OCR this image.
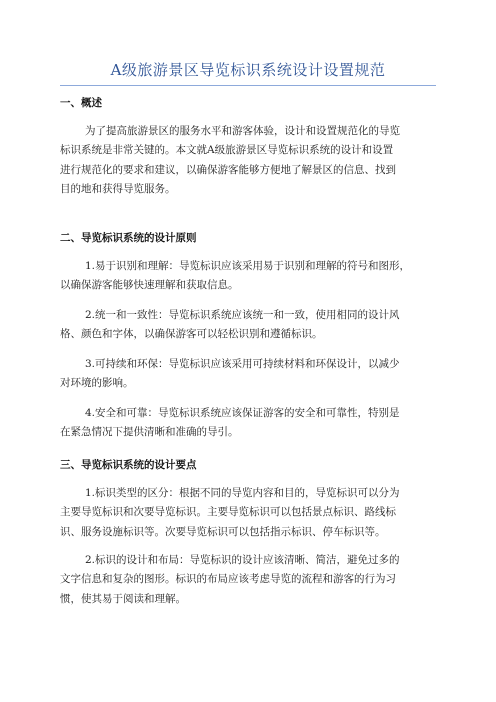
A级旅游景区导览标识系统设计设置规范
一、概述
为了提高旅游景区的服务水平和游客体验，设计和设置规范化的导览
标识系统是非常关键的。本文就A级旅游景区导览标识系统的设计和设置
进行规范化的要求和建议，以确保游客能够方便地了解景区的信息、找到
目的地和获得导览服务。
二、导览标识系统的设计原则
1.易于识别和理解：导览标识应该采用易于识别和理解的符号和图形，
以确保游客能够快速理解和获取信息。
2.统一和一致性：导览标识系统应该统一和一致，使用相同的设计风
格、颜色和字体，以确保游客可以轻松识别和遵循标识。
3.可持续和环保：导览标识应该采用可持续材料和环保设计，以减少
对环境的影响。
4.安全和可靠：导览标识系统应该保证游客的安全和可靠性，特别是
在紧急情况下提供清晰和准确的导引。
三、导览标识系统的设计要点
1.标识类型的区分：根据不同的导览内容和目的，导览标识可以分为
主要导览标识和次要导览标识。主要导览标识可以包括景点标识、路线标
识、服务设施标识等。次要导览标识可以包括指示标识、停车标识等。
2.标识的设计和布局：导览标识的设计应该清晰、简洁，避免过多的
文字信息和复杂的图形。标识的布局应该考虑导览的流程和游客的行为习
惯，使其易于阅读和理解。
